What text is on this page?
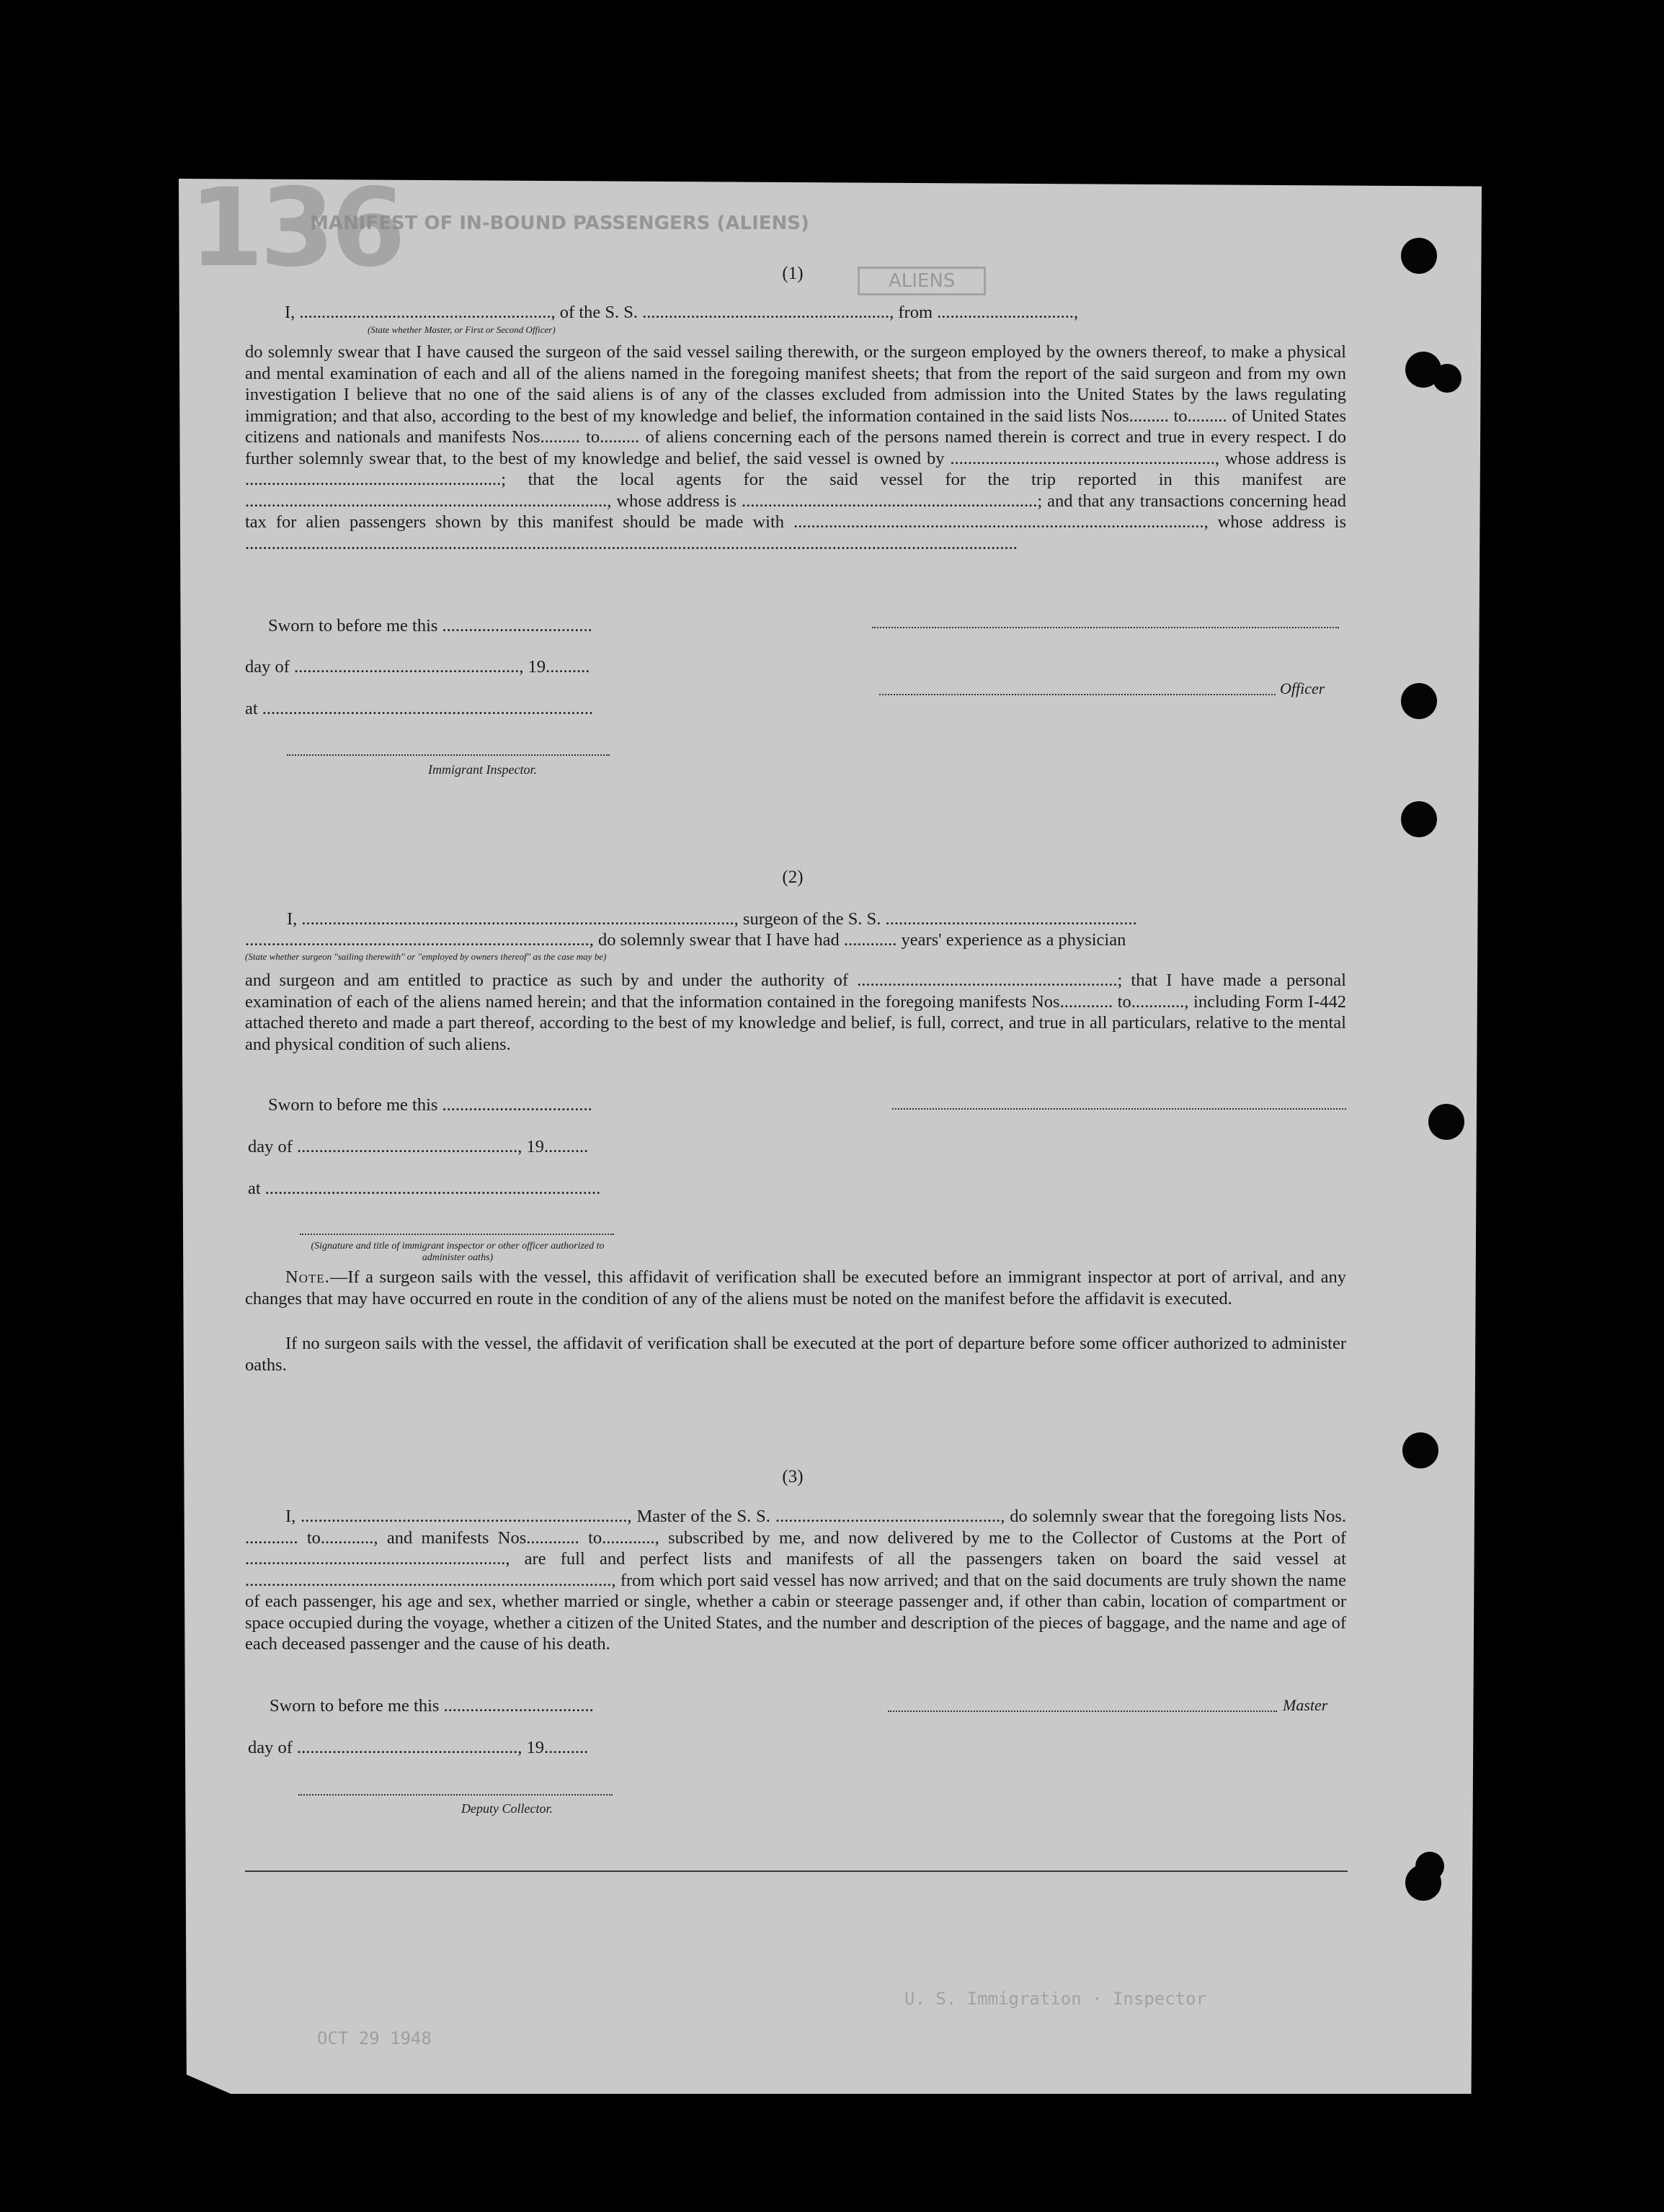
136
MANIFEST OF IN-BOUND PASSENGERS (ALIENS)
ALIENS
U. S. Immigration · Inspector
OCT 29 1948
(1)
I, ........................................................., of the S. S. ........................................................, from ...............................,
(State whether Master, or First or Second Officer)
do solemnly swear that I have caused the surgeon of the said vessel sailing therewith, or the surgeon employed by the owners thereof, to make a physical and mental examination of each and all of the aliens named in the foregoing manifest sheets; that from the report of the said surgeon and from my own investigation I believe that no one of the said aliens is of any of the classes excluded from admission into the United States by the laws regulating immigration; and that also, according to the best of my knowledge and belief, the information contained in the said lists Nos......... to......... of United States citizens and nationals and manifests Nos......... to......... of aliens concerning each of the persons named therein is correct and true in every respect. I do further solemnly swear that, to the best of my knowledge and belief, the said vessel is owned by ............................................................, whose address is ..........................................................; that the local agents for the said vessel for the trip reported in this manifest are .................................................................................., whose address is ...................................................................; and that any transactions concerning head tax for alien passengers shown by this manifest should be made with ............................................................................................., whose address is ...............................................................................................................................................................................
Sworn to before me this ..................................
day of ..................................................., 19..........
at ...........................................................................
Immigrant Inspector.
Officer
(2)
I, .................................................................................................., surgeon of the S. S. .........................................................
.............................................................................., do solemnly swear that I have had ............ years' experience as a physician
(State whether surgeon "sailing therewith" or "employed by owners thereof" as the case may be)
and surgeon and am entitled to practice as such by and under the authority of ...........................................................; that I have made a personal examination of each of the aliens named herein; and that the information contained in the foregoing manifests Nos............ to............, including Form I-442 attached thereto and made a part thereof, according to the best of my knowledge and belief, is full, correct, and true in all particulars, relative to the mental and physical condition of such aliens.
Sworn to before me this ..................................
day of .................................................., 19..........
at ............................................................................
(Signature and title of immigrant inspector or other officer authorized to administer oaths)
Note.—If a surgeon sails with the vessel, this affidavit of verification shall be executed before an immigrant inspector at port of arrival, and any changes that may have occurred en route in the condition of any of the aliens must be noted on the manifest before the affidavit is executed.
If no surgeon sails with the vessel, the affidavit of verification shall be executed at the port of departure before some officer authorized to administer oaths.
(3)
I, .........................................................................., Master of the S. S. ..................................................., do solemnly swear that the foregoing lists Nos. ............ to............, and manifests Nos............ to............, subscribed by me, and now delivered by me to the Collector of Customs at the Port of ..........................................................., are full and perfect lists and manifests of all the passengers taken on board the said vessel at ..................................................................................., from which port said vessel has now arrived; and that on the said documents are truly shown the name of each passenger, his age and sex, whether married or single, whether a cabin or steerage passenger and, if other than cabin, location of compartment or space occupied during the voyage, whether a citizen of the United States, and the number and description of the pieces of baggage, and the name and age of each deceased passenger and the cause of his death.
Sworn to before me this ..................................	Master
day of .................................................., 19..........
Deputy Collector.
